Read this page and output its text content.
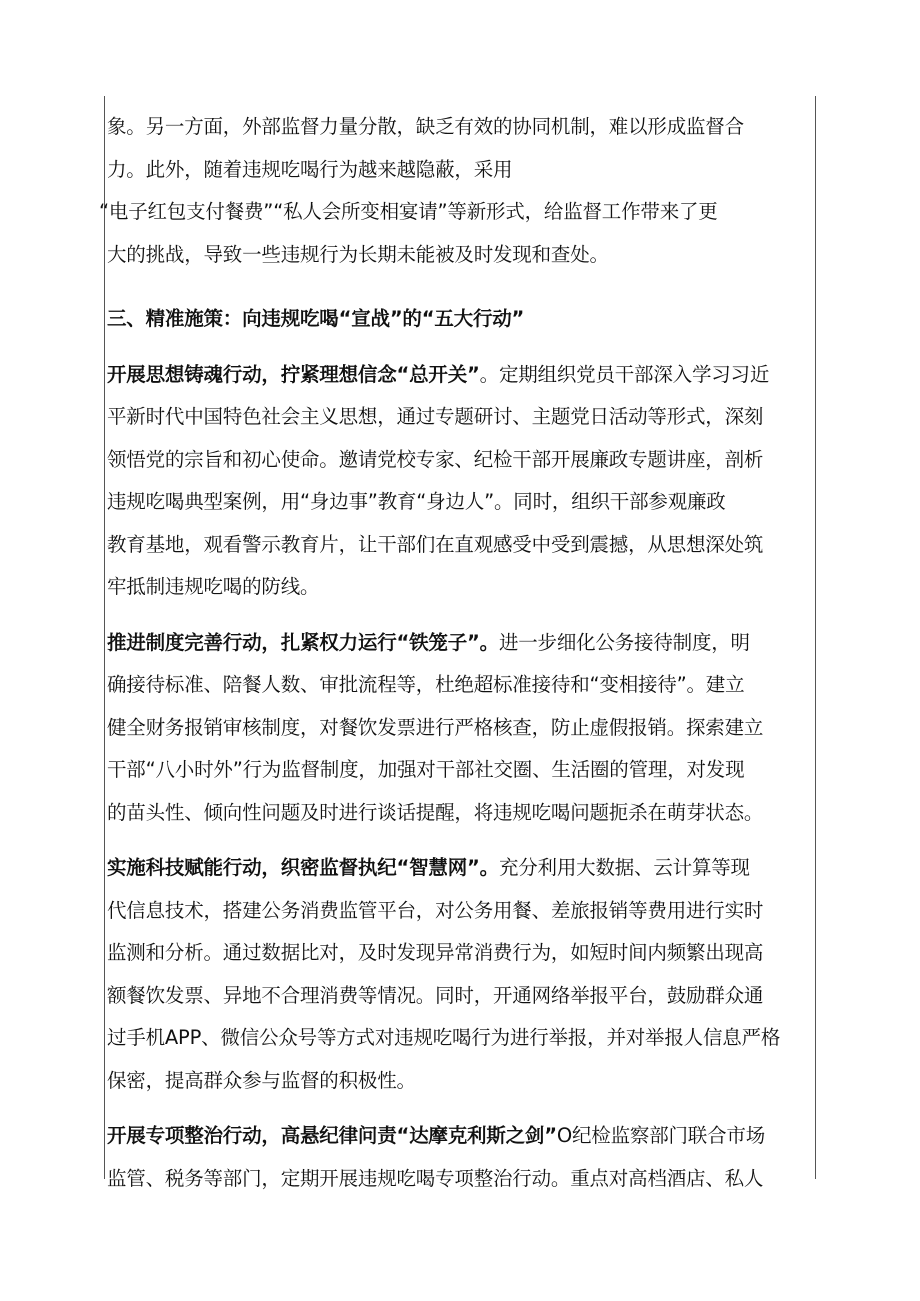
象。另一方面，外部监督力量分散，缺乏有效的协同机制，难以形成监督合
力。此外，随着违规吃喝行为越来越隐蔽，采用
“电子红包支付餐费”“私人会所变相宴请”等新形式，给监督工作带来了更
大的挑战，导致一些违规行为长期未能被及时发现和查处。
三、精准施策：向违规吃喝“宣战”的“五大行动”
开展思想铸魂行动，拧紧理想信念“总开关”。定期组织党员干部深入学习习近
平新时代中国特色社会主义思想，通过专题研讨、主题党日活动等形式，深刻
领悟党的宗旨和初心使命。邀请党校专家、纪检干部开展廉政专题讲座，剖析
违规吃喝典型案例，用“身边事”教育“身边人”。同时，组织干部参观廉政
教育基地，观看警示教育片，让干部们在直观感受中受到震撼，从思想深处筑
牢抵制违规吃喝的防线。
推进制度完善行动，扎紧权力运行“铁笼子”。进一步细化公务接待制度，明
确接待标准、陪餐人数、审批流程等，杜绝超标准接待和“变相接待”。建立
健全财务报销审核制度，对餐饮发票进行严格核查，防止虚假报销。探索建立
干部“八小时外”行为监督制度，加强对干部社交圈、生活圈的管理，对发现
的苗头性、倾向性问题及时进行谈话提醒，将违规吃喝问题扼杀在萌芽状态。
实施科技赋能行动，织密监督执纪“智慧网”。充分利用大数据、云计算等现
代信息技术，搭建公务消费监管平台，对公务用餐、差旅报销等费用进行实时
监测和分析。通过数据比对，及时发现异常消费行为，如短时间内频繁出现高
额餐饮发票、异地不合理消费等情况。同时，开通网络举报平台，鼓励群众通
过手机APP、微信公众号等方式对违规吃喝行为进行举报，并对举报人信息严格
保密，提高群众参与监督的积极性。
开展专项整治行动，高悬纪律问责“达摩克利斯之剑”O纪检监察部门联合市场
监管、税务等部门，定期开展违规吃喝专项整治行动。重点对高档酒店、私人
